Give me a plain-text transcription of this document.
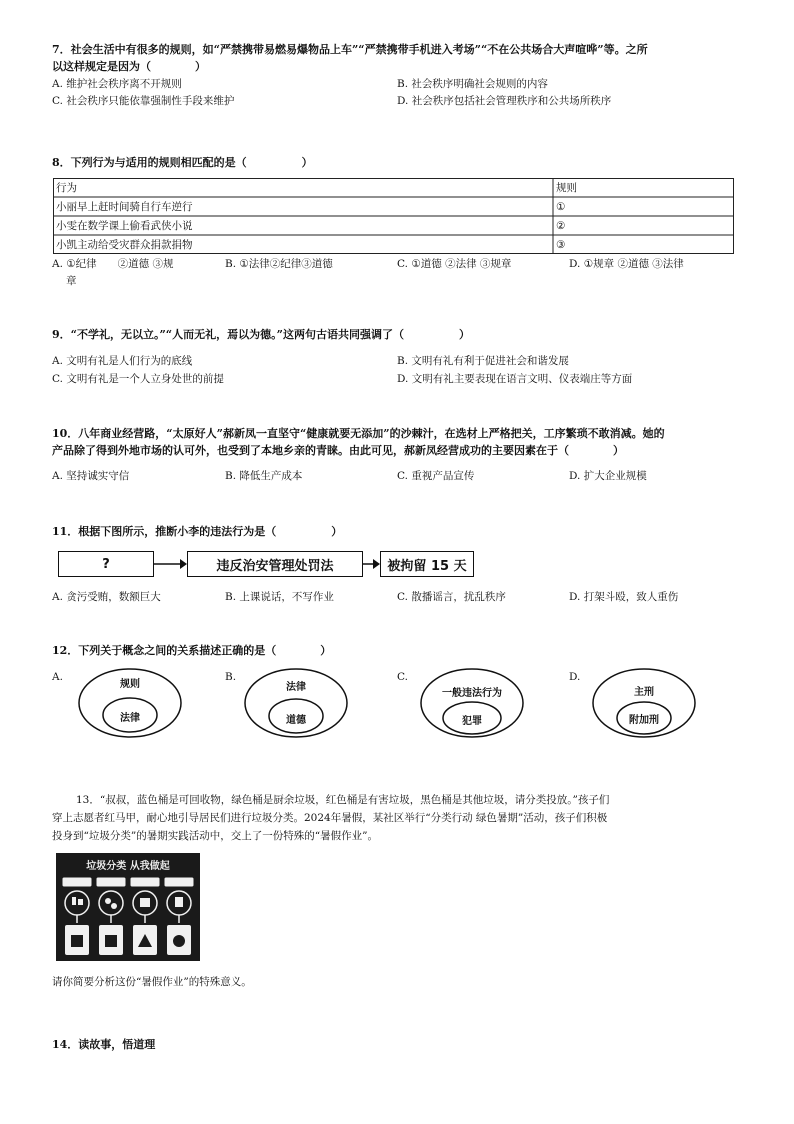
7．社会生活中有很多的规则，如“严禁携带易燃易爆物品上车”“严禁携带手机进入考场”“不在公共场合大声喧哗”等。之所
以这样规定是因为（　　　　）
A. 维护社会秩序离不开规则	B. 社会秩序明确社会规则的内容
C. 社会秩序只能依靠强制性手段来维护	D. 社会秩序包括社会管理秩序和公共场所秩序
8．下列行为与适用的规则相匹配的是（　　　　　）
行为	规则
小丽早上赶时间骑自行车逆行	①
小雯在数学课上偷看武侠小说	②
小凯主动给受灾群众捐款捐物	③
A. ①纪律　　②道德 ③规
章
B. ①法律②纪律③道德	C. ①道德 ②法律 ③规章	D. ①规章 ②道德 ③法律
9．“不学礼，无以立。”“人而无礼，焉以为德。”这两句古语共同强调了（　　　　　）
A. 文明有礼是人们行为的底线	B. 文明有礼有利于促进社会和谐发展
C. 文明有礼是一个人立身处世的前提	D. 文明有礼主要表现在语言文明、仪表端庄等方面
10．八年商业经营路，“太原好人”郝新凤一直坚守“健康就要无添加”的沙棘汁，在选材上严格把关，工序繁琐不敢消减。她的
产品除了得到外地市场的认可外，也受到了本地乡亲的青睐。由此可见，郝新凤经营成功的主要因素在于（　　　　）
A. 坚持诚实守信	B. 降低生产成本	C. 重视产品宣传	D. 扩大企业规模
11．根据下图所示，推断小李的违法行为是（　　　　　）
?	违反治安管理处罚法	被拘留 15 天
A. 贪污受贿，数额巨大	B. 上课说话，不写作业	C. 散播谣言，扰乱秩序	D. 打架斗殴，致人重伤
12．下列关于概念之间的关系描述正确的是（　　　　）
A.
规则
法律
B.
法律
道德
C.
一般违法行为
犯罪
D.
主刑
附加刑
13．“叔叔，蓝色桶是可回收物，绿色桶是厨余垃圾，红色桶是有害垃圾，黑色桶是其他垃圾，请分类投放。”孩子们
穿上志愿者红马甲，耐心地引导居民们进行垃圾分类。2024年暑假，某社区举行“分类行动 绿色暑期”活动，孩子们积极
投身到“垃圾分类”的暑期实践活动中，交上了一份特殊的“暑假作业”。
垃圾分类 从我做起
请你简要分析这份“暑假作业”的特殊意义。
14．读故事，悟道理
